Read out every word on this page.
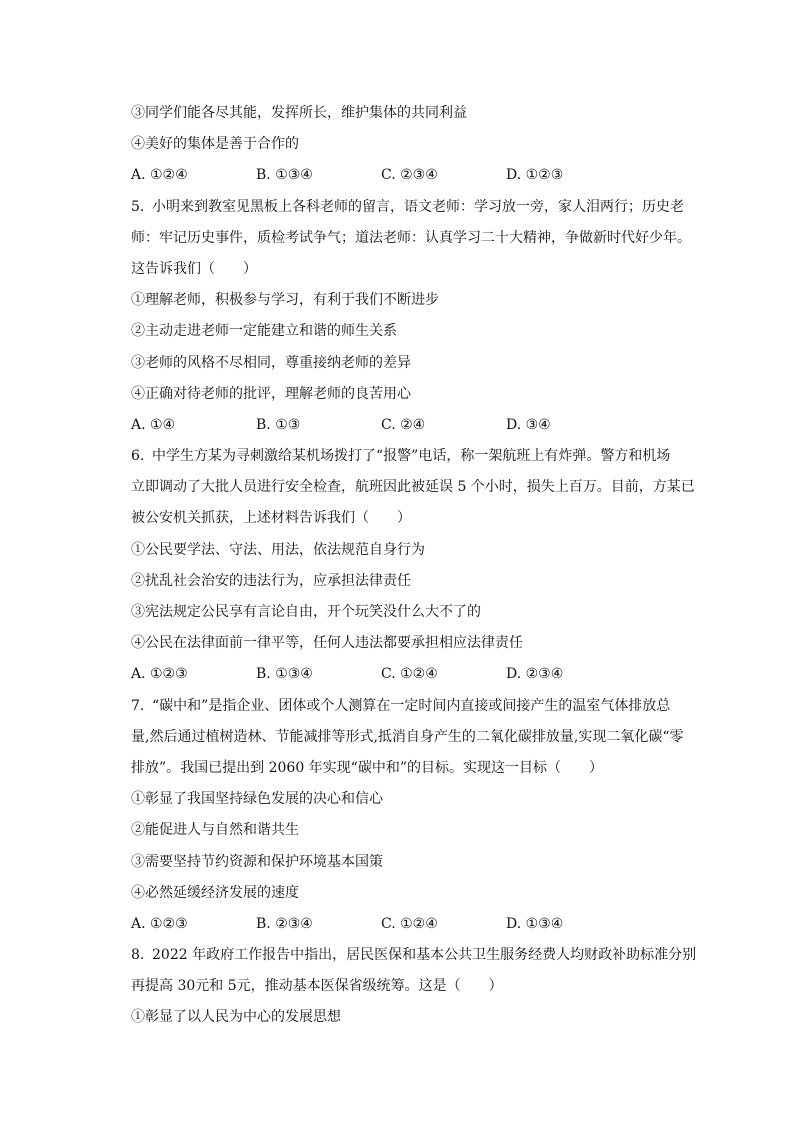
③同学们能各尽其能，发挥所长，维护集体的共同利益
④美好的集体是善于合作的
A. ①②④	B. ①③④	C. ②③④	D. ①②③
5. 小明来到教室见黑板上各科老师的留言，语文老师：学习放一旁，家人泪两行；历史老
师：牢记历史事件，质检考试争气；道法老师：认真学习二十大精神，争做新时代好少年。
这告诉我们（　　）
①理解老师，积极参与学习，有利于我们不断进步
②主动走进老师一定能建立和谐的师生关系
③老师的风格不尽相同，尊重接纳老师的差异
④正确对待老师的批评，理解老师的良苦用心
A. ①④	B. ①③	C. ②④	D. ③④
6. 中学生方某为寻刺激给某机场拨打了“报警”电话，称一架航班上有炸弹。警方和机场
立即调动了大批人员进行安全检查，航班因此被延误 5 个小时，损失上百万。目前，方某已
被公安机关抓获，上述材料告诉我们（　　）
①公民要学法、守法、用法，依法规范自身行为
②扰乱社会治安的违法行为，应承担法律责任
③宪法规定公民享有言论自由，开个玩笑没什么大不了的
④公民在法律面前一律平等，任何人违法都要承担相应法律责任
A. ①②③	B. ①③④	C. ①②④	D. ②③④
7. “碳中和”是指企业、团体或个人测算在一定时间内直接或间接产生的温室气体排放总
量,然后通过植树造林、节能减排等形式,抵消自身产生的二氧化碳排放量,实现二氧化碳“零
排放”。我国已提出到 2060 年实现“碳中和”的目标。实现这一目标（　　）
①彰显了我国坚持绿色发展的决心和信心
②能促进人与自然和谐共生
③需要坚持节约资源和保护环境基本国策
④必然延缓经济发展的速度
A. ①②③	B. ②③④	C. ①②④	D. ①③④
8. 2022 年政府工作报告中指出，居民医保和基本公共卫生服务经费人均财政补助标准分别
再提高 30元和 5元，推动基本医保省级统筹。这是（　　）
①彰显了以人民为中心的发展思想
